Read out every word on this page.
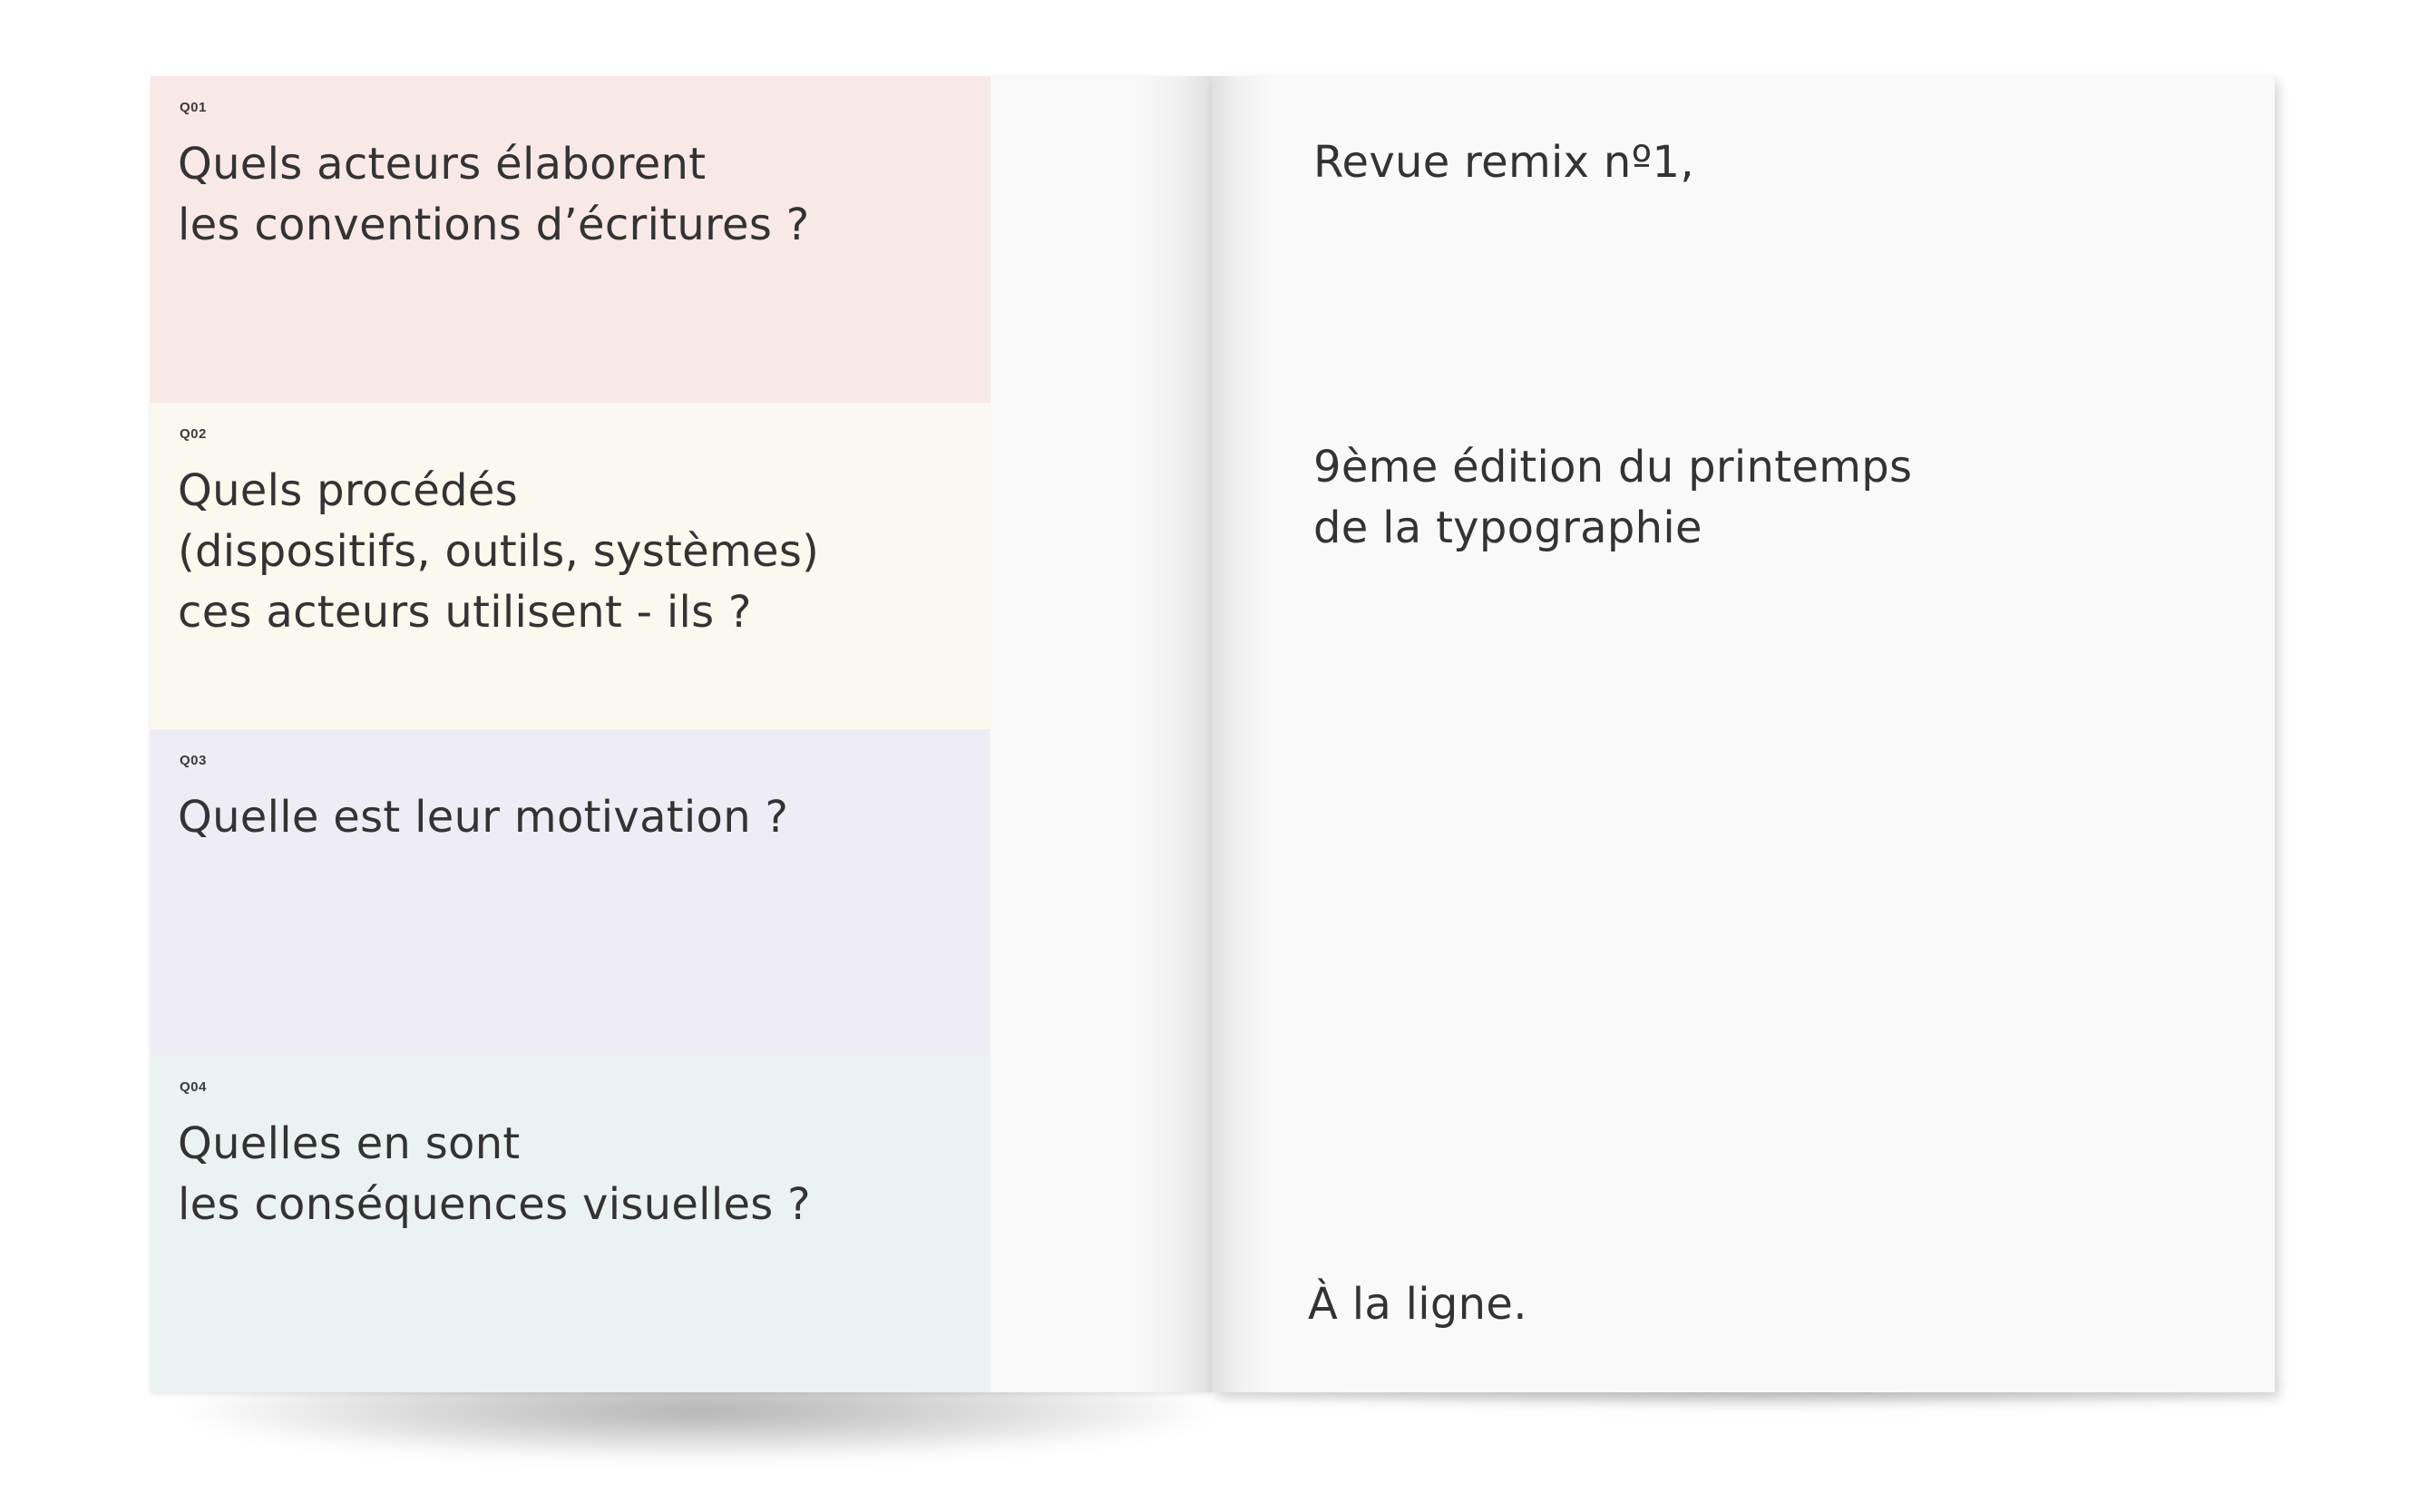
Q01
Quels acteurs élaborent
les conventions d’écritures ?
Q02
Quels procédés
(dispositifs, outils, systèmes)
ces acteurs utilisent - ils ?
Q03
Quelle est leur motivation ?
Q04
Quelles en sont
les conséquences visuelles ?
Revue remix nº1,
9ème édition du printemps
de la typographie
À la ligne.
